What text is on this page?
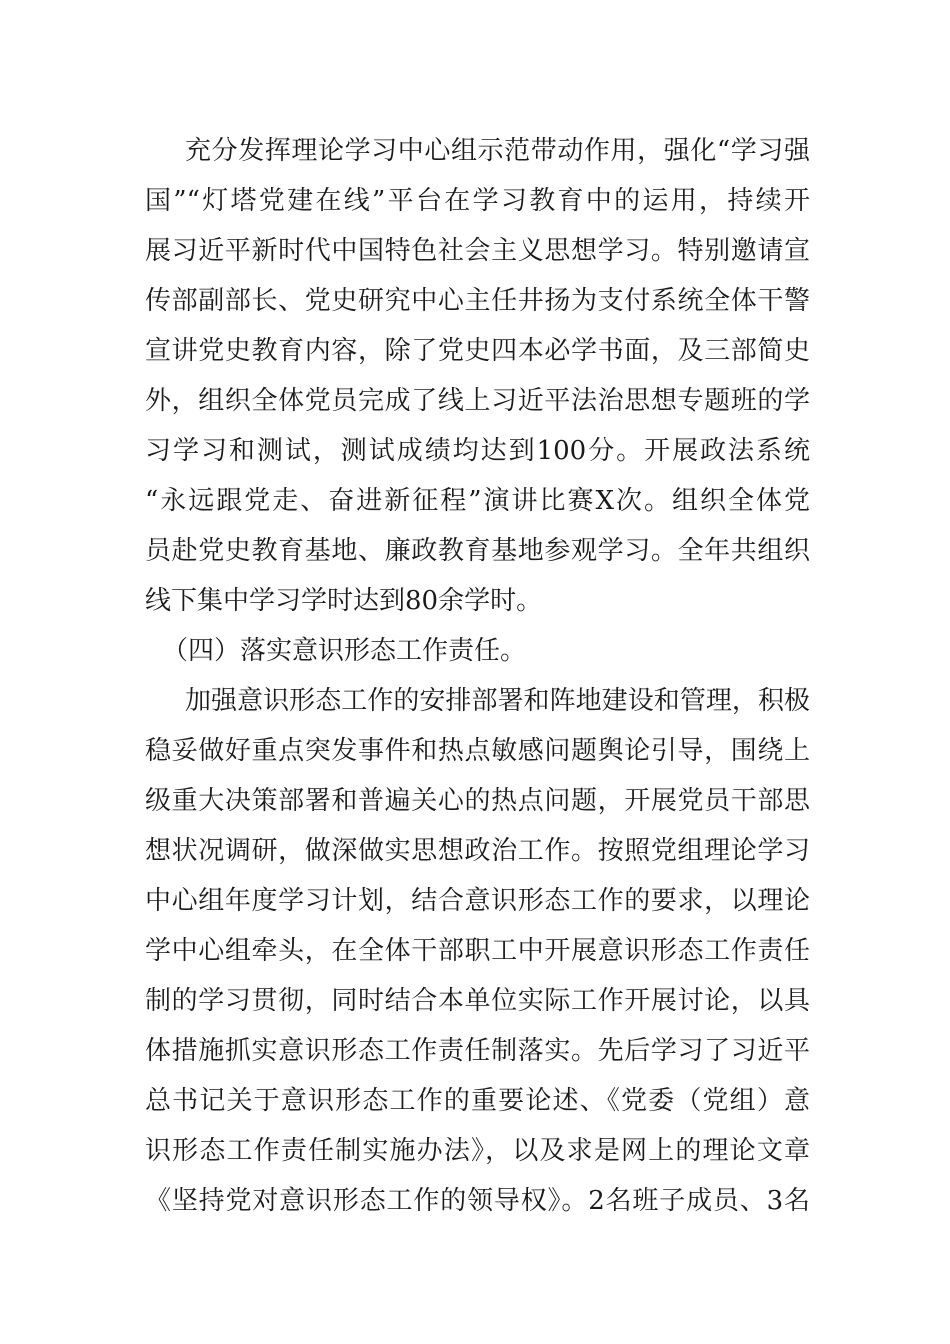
充分发挥理论学习中心组示范带动作用，强化“学习强
国”“灯塔党建在线”平台在学习教育中的运用，持续开
展习近平新时代中国特色社会主义思想学习。特别邀请宣
传部副部长、党史研究中心主任井扬为支付系统全体干警
宣讲党史教育内容，除了党史四本必学书面，及三部简史
外，组织全体党员完成了线上习近平法治思想专题班的学
习学习和测试，测试成绩均达到100分。开展政法系统
“永远跟党走、奋进新征程”演讲比赛X次。组织全体党
员赴党史教育基地、廉政教育基地参观学习。全年共组织
线下集中学习学时达到80余学时。
（四）落实意识形态工作责任。
加强意识形态工作的安排部署和阵地建设和管理，积极
稳妥做好重点突发事件和热点敏感问题舆论引导，围绕上
级重大决策部署和普遍关心的热点问题，开展党员干部思
想状况调研，做深做实思想政治工作。按照党组理论学习
中心组年度学习计划，结合意识形态工作的要求，以理论
学中心组牵头，在全体干部职工中开展意识形态工作责任
制的学习贯彻，同时结合本单位实际工作开展讨论，以具
体措施抓实意识形态工作责任制落实。先后学习了习近平
总书记关于意识形态工作的重要论述、《党委（党组）意
识形态工作责任制实施办法》，以及求是网上的理论文章
《坚持党对意识形态工作的领导权》。2名班子成员、3名
